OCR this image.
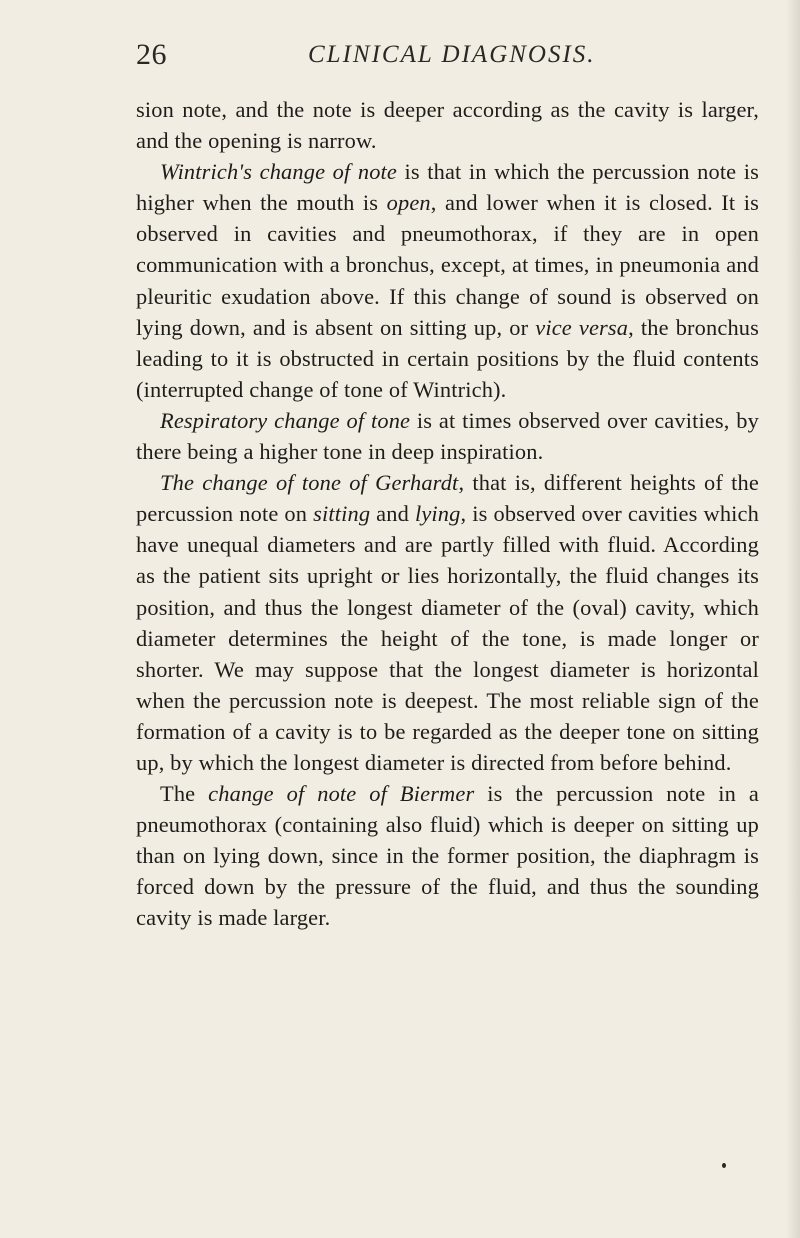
26	CLINICAL DIAGNOSIS.

sion note, and the note is deeper according as the cavity is larger, and the opening is narrow.

Wintrich's change of note is that in which the percussion note is higher when the mouth is open, and lower when it is closed. It is observed in cavities and pneumothorax, if they are in open communication with a bronchus, except, at times, in pneumonia and pleuritic exudation above. If this change of sound is observed on lying down, and is absent on sitting up, or vice versa, the bronchus leading to it is obstructed in certain positions by the fluid contents (interrupted change of tone of Wintrich).

Respiratory change of tone is at times observed over cavities, by there being a higher tone in deep inspiration.

The change of tone of Gerhardt, that is, different heights of the percussion note on sitting and lying, is observed over cavities which have unequal diameters and are partly filled with fluid. According as the patient sits upright or lies horizontally, the fluid changes its position, and thus the longest diameter of the (oval) cavity, which diameter determines the height of the tone, is made longer or shorter. We may suppose that the longest diameter is horizontal when the percussion note is deepest. The most reliable sign of the formation of a cavity is to be regarded as the deeper tone on sitting up, by which the longest diameter is directed from before behind.

The change of note of Biermer is the percussion note in a pneumothorax (containing also fluid) which is deeper on sitting up than on lying down, since in the former position, the diaphragm is forced down by the pressure of the fluid, and thus the sounding cavity is made larger.
